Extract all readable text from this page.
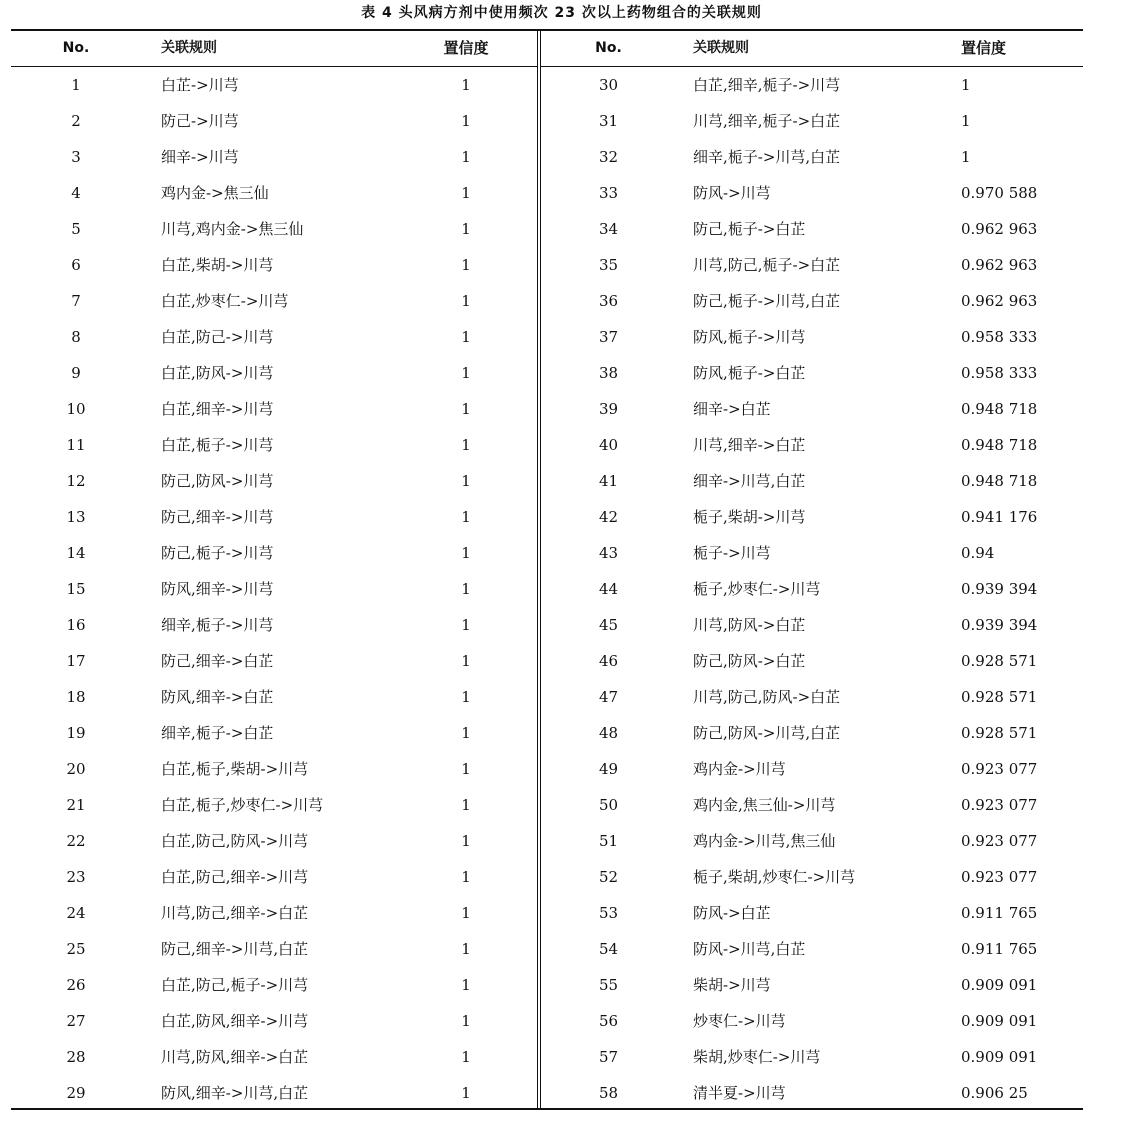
表 4 头风病方剂中使用频次 23 次以上药物组合的关联规则
No.	关联规则	置信度
1	白芷->川芎	1
2	防己->川芎	1
3	细辛->川芎	1
4	鸡内金->焦三仙	1
5	川芎,鸡内金->焦三仙	1
6	白芷,柴胡->川芎	1
7	白芷,炒枣仁->川芎	1
8	白芷,防己->川芎	1
9	白芷,防风->川芎	1
10	白芷,细辛->川芎	1
11	白芷,栀子->川芎	1
12	防己,防风->川芎	1
13	防己,细辛->川芎	1
14	防己,栀子->川芎	1
15	防风,细辛->川芎	1
16	细辛,栀子->川芎	1
17	防己,细辛->白芷	1
18	防风,细辛->白芷	1
19	细辛,栀子->白芷	1
20	白芷,栀子,柴胡->川芎	1
21	白芷,栀子,炒枣仁->川芎	1
22	白芷,防己,防风->川芎	1
23	白芷,防己,细辛->川芎	1
24	川芎,防己,细辛->白芷	1
25	防己,细辛->川芎,白芷	1
26	白芷,防己,栀子->川芎	1
27	白芷,防风,细辛->川芎	1
28	川芎,防风,细辛->白芷	1
29	防风,细辛->川芎,白芷	1
No.	关联规则	置信度
30	白芷,细辛,栀子->川芎	1
31	川芎,细辛,栀子->白芷	1
32	细辛,栀子->川芎,白芷	1
33	防风->川芎	0.970 588
34	防己,栀子->白芷	0.962 963
35	川芎,防己,栀子->白芷	0.962 963
36	防己,栀子->川芎,白芷	0.962 963
37	防风,栀子->川芎	0.958 333
38	防风,栀子->白芷	0.958 333
39	细辛->白芷	0.948 718
40	川芎,细辛->白芷	0.948 718
41	细辛->川芎,白芷	0.948 718
42	栀子,柴胡->川芎	0.941 176
43	栀子->川芎	0.94
44	栀子,炒枣仁->川芎	0.939 394
45	川芎,防风->白芷	0.939 394
46	防己,防风->白芷	0.928 571
47	川芎,防己,防风->白芷	0.928 571
48	防己,防风->川芎,白芷	0.928 571
49	鸡内金->川芎	0.923 077
50	鸡内金,焦三仙->川芎	0.923 077
51	鸡内金->川芎,焦三仙	0.923 077
52	栀子,柴胡,炒枣仁->川芎	0.923 077
53	防风->白芷	0.911 765
54	防风->川芎,白芷	0.911 765
55	柴胡->川芎	0.909 091
56	炒枣仁->川芎	0.909 091
57	柴胡,炒枣仁->川芎	0.909 091
58	清半夏->川芎	0.906 25
